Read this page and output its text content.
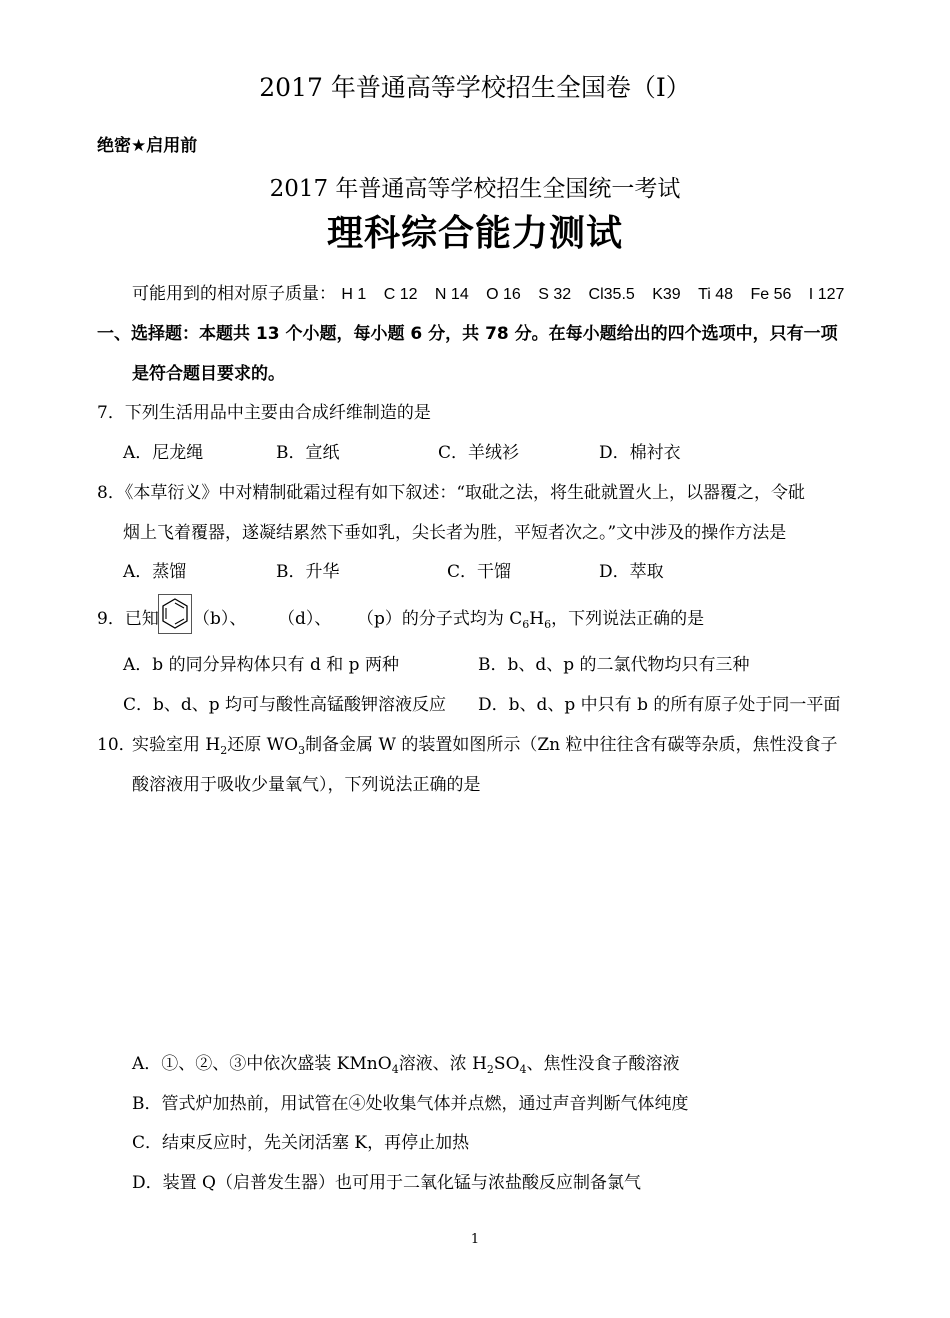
2017 年普通高等学校招生全国卷（Ⅰ）
绝密★启用前
2017 年普通高等学校招生全国统一考试
理科综合能力测试
可能用到的相对原子质量： H 1 C 12 N 14 O 16 S 32 Cl35.5 K39 Ti 48 Fe 56 I 127
一、选择题：本题共 13 个小题，每小题 6 分，共 78 分。在每小题给出的四个选项中，只有一项
是符合题目要求的。
7．下列生活用品中主要由合成纤维制造的是
A．尼龙绳	B．宣纸	C．羊绒衫	D．棉衬衣
8．《本草衍义》中对精制砒霜过程有如下叙述：“取砒之法，将生砒就置火上，以器覆之，令砒
烟上飞着覆器，遂凝结累然下垂如乳，尖长者为胜，平短者次之。”文中涉及的操作方法是
A．蒸馏	B．升华	C．干馏	D．萃取
9．已知 （b）、 （d）、 （p）的分子式均为 $C_6H_6$，下列说法正确的是
A．b 的同分异构体只有 d 和 p 两种	B．b、d、p 的二氯代物均只有三种
C．b、d、p 均可与酸性高锰酸钾溶液反应 D．b、d、p 中只有 b 的所有原子处于同一平面
10．
实验室用 $H_2$还原 $WO_3$制备金属 W 的装置如图所示（Zn 粒中往往含有碳等杂质，焦性没食子
酸溶液用于吸收少量氧气），下列说法正确的是
A．①、②、③中依次盛装 KMnO$_4$溶液、浓 $H_2SO_4$、焦性没食子酸溶液
B．管式炉加热前，用试管在④处收集气体并点燃，通过声音判断气体纯度
C．结束反应时，先关闭活塞 K，再停止加热
D．装置 Q（启普发生器）也可用于二氧化锰与浓盐酸反应制备氯气
1
